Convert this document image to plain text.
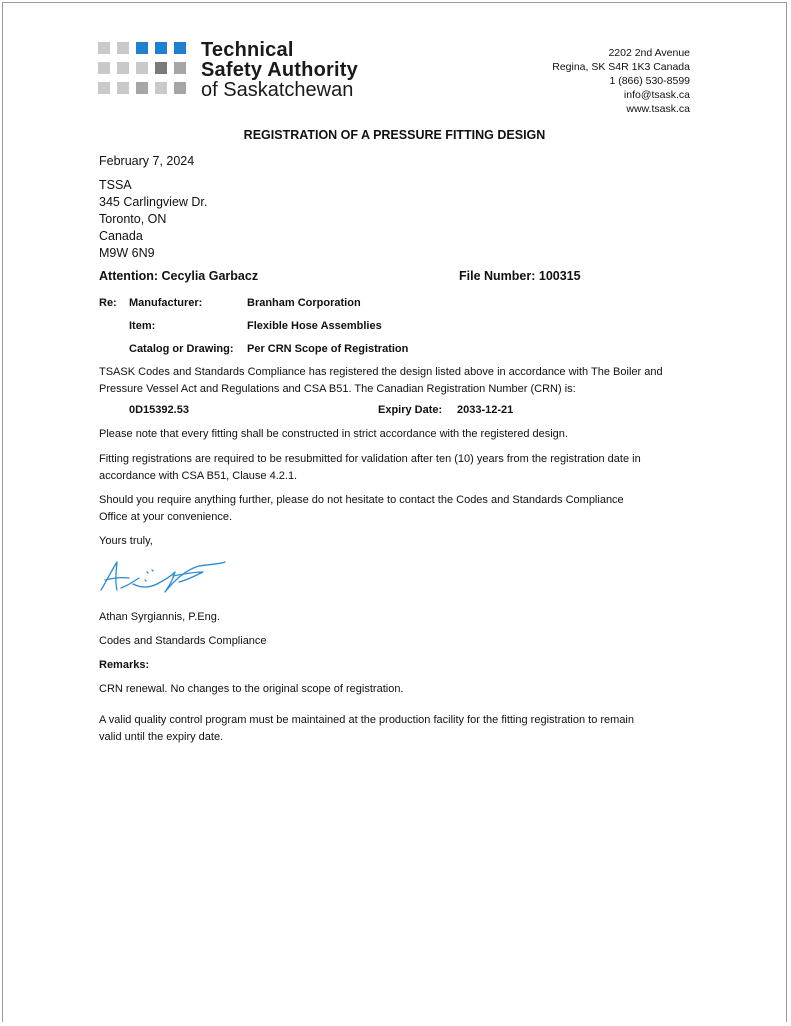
Technical
Safety Authority
of Saskatchewan
2202 2nd Avenue
Regina, SK S4R 1K3 Canada
1 (866) 530-8599
info@tsask.ca
www.tsask.ca
REGISTRATION OF A PRESSURE FITTING DESIGN
February 7, 2024
TSSA
345 Carlingview Dr.
Toronto, ON
Canada
M9W 6N9
Attention: Cecylia Garbacz	File Number: 100315
Re: Manufacturer:	Branham Corporation
Item:	Flexible Hose Assemblies
Catalog or Drawing: Per CRN Scope of Registration
TSASK Codes and Standards Compliance has registered the design listed above in accordance with The Boiler and
Pressure Vessel Act and Regulations and CSA B51. The Canadian Registration Number (CRN) is:
0D15392.53	Expiry Date: 2033-12-21
Please note that every fitting shall be constructed in strict accordance with the registered design.
Fitting registrations are required to be resubmitted for validation after ten (10) years from the registration date in
accordance with CSA B51, Clause 4.2.1.
Should you require anything further, please do not hesitate to contact the Codes and Standards Compliance
Office at your convenience.
Yours truly,
Athan Syrgiannis, P.Eng.
Codes and Standards Compliance
Remarks:
CRN renewal. No changes to the original scope of registration.
A valid quality control program must be maintained at the production facility for the fitting registration to remain
valid until the expiry date.
